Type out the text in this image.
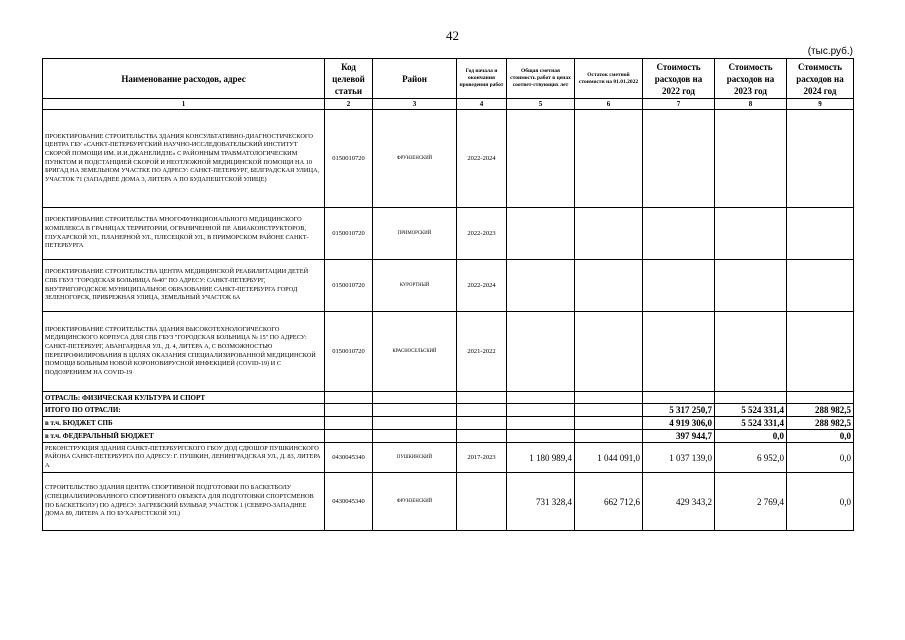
42
(тыс.руб.)
Наименование расходов, адрес	Код целевой статьи	Район	Год начала и окончания проведения работ	Общая сметная стоимость работ в ценах соответ-ствующих лет	Остаток сметной стоимости на 01.01.2022	Стоимость расходов на 2022 год	Стоимость расходов на 2023 год	Стоимость расходов на 2024 год
1	2	3	4	5	6	7	8	9
ПРОЕКТИРОВАНИЕ СТРОИТЕЛЬСТВА ЗДАНИЯ КОНСУЛЬТАТИВНО-ДИАГНОСТИЧЕСКОГО ЦЕНТРА ГБУ «САНКТ-ПЕТЕРБУРГСКИЙ НАУЧНО-ИССЛЕДОВАТЕЛЬСКИЙ ИНСТИТУТ СКОРОЙ ПОМОЩИ ИМ. И.И.ДЖАНЕЛИДЗЕ» С РАЙОННЫМ ТРАВМАТОЛОГИЧЕСКИМ ПУНКТОМ И ПОДСТАНЦИЕЙ СКОРОЙ И НЕОТЛОЖНОЙ МЕДИЦИНСКОЙ ПОМОЩИ НА 10 БРИГАД НА ЗЕМЕЛЬНОМ УЧАСТКЕ ПО АДРЕСУ: САНКТ-ПЕТЕРБУРГ, БЕЛГРАДСКАЯ УЛИЦА, УЧАСТОК 71 (ЗАПАДНЕЕ ДОМА 3, ЛИТЕРА А ПО БУДАПЕШТСКОЙ УЛИЦЕ)	0150010720	ФРУНЗЕНСКИЙ	2022-2024					
ПРОЕКТИРОВАНИЕ СТРОИТЕЛЬСТВА МНОГОФУНКЦИОНАЛЬНОГО МЕДИЦИНСКОГО КОМПЛЕКСА В ГРАНИЦАХ ТЕРРИТОРИИ, ОГРАНИЧЕННОЙ ПР. АВИАКОНСТРУКТОРОВ, ГЛУХАРСКОЙ УЛ., ПЛАНЕРНОЙ УЛ., ПЛЕСЕЦКОЙ УЛ., В ПРИМОРСКОМ РАЙОНЕ САНКТ-ПЕТЕРБУРГА	0150010720	ПРИМОРСКИЙ	2022-2023					
ПРОЕКТИРОВАНИЕ СТРОИТЕЛЬСТВА ЦЕНТРА МЕДИЦИНСКОЙ РЕАБИЛИТАЦИИ ДЕТЕЙ СПБ ГБУЗ "ГОРОДСКАЯ БОЛЬНИЦА №40" ПО АДРЕСУ: САНКТ-ПЕТЕРБУРГ, ВНУТРИГОРОДСКОЕ МУНИЦИПАЛЬНОЕ ОБРАЗОВАНИЕ САНКТ-ПЕТЕРБУРГА ГОРОД ЗЕЛЕНОГОРСК, ПРИБРЕЖНАЯ УЛИЦА, ЗЕМЕЛЬНЫЙ УЧАСТОК 6А	0150010720	КУРОРТНЫЙ	2022-2024					
ПРОЕКТИРОВАНИЕ СТРОИТЕЛЬСТВА ЗДАНИЯ ВЫСОКОТЕХНОЛОГИЧЕСКОГО МЕДИЦИНСКОГО КОРПУСА ДЛЯ СПБ ГБУЗ "ГОРОДСКАЯ БОЛЬНИЦА № 15" ПО АДРЕСУ: САНКТ-ПЕТЕРБУРГ, АВАНГАРДНАЯ УЛ., Д. 4, ЛИТЕРА А, С ВОЗМОЖНОСТЬЮ ПЕРЕПРОФИЛИРОВАНИЯ В ЦЕЛЯХ ОКАЗАНИЯ СПЕЦИАЛИЗИРОВАННОЙ МЕДИЦИНСКОЙ ПОМОЩИ БОЛЬНЫМ НОВОЙ КОРОНОВИРУСНОЙ ИНФЕКЦИЕЙ (COVID-19) И С ПОДОЗРЕНИЕМ НА COVID-19	0150010720	КРАСНОСЕЛЬСКИЙ	2021-2022					
ОТРАСЛЬ: ФИЗИЧЕСКАЯ КУЛЬТУРА И СПОРТ								
ИТОГО ПО ОТРАСЛИ:						5 317 250,7	5 524 331,4	288 982,5
в т.ч. БЮДЖЕТ СПБ						4 919 306,0	5 524 331,4	288 982,5
в т.ч. ФЕДЕРАЛЬНЫЙ БЮДЖЕТ						397 944,7	0,0	0,0
РЕКОНСТРУКЦИЯ ЗДАНИЯ САНКТ-ПЕТЕРБУРГСКОГО ГБОУ ДОД СДЮШОР ПУШКИНСКОГО РАЙОНА САНКТ-ПЕТЕРБУРГА ПО АДРЕСУ: Г. ПУШКИН, ЛЕНИНГРАДСКАЯ УЛ., Д. 83, ЛИТЕРА А	0430045340	ПУШКИНСКИЙ	2017-2023	1 180 989,4	1 044 091,0	1 037 139,0	6 952,0	0,0
СТРОИТЕЛЬСТВО ЗДАНИЯ ЦЕНТРА СПОРТИВНОЙ ПОДГОТОВКИ ПО БАСКЕТБОЛУ (СПЕЦИАЛИЗИРОВАННОГО СПОРТИВНОГО ОБЪЕКТА ДЛЯ ПОДГОТОВКИ СПОРТСМЕНОВ ПО БАСКЕТБОЛУ) ПО АДРЕСУ: ЗАГРЕБСКИЙ БУЛЬВАР, УЧАСТОК 1 (СЕВЕРО-ЗАПАДНЕЕ ДОМА 89, ЛИТЕРА А ПО БУХАРЕСТСКОЙ УЛ.)	0430045340	ФРУНЗЕНСКИЙ		731 328,4	662 712,6	429 343,2	2 769,4	0,0
